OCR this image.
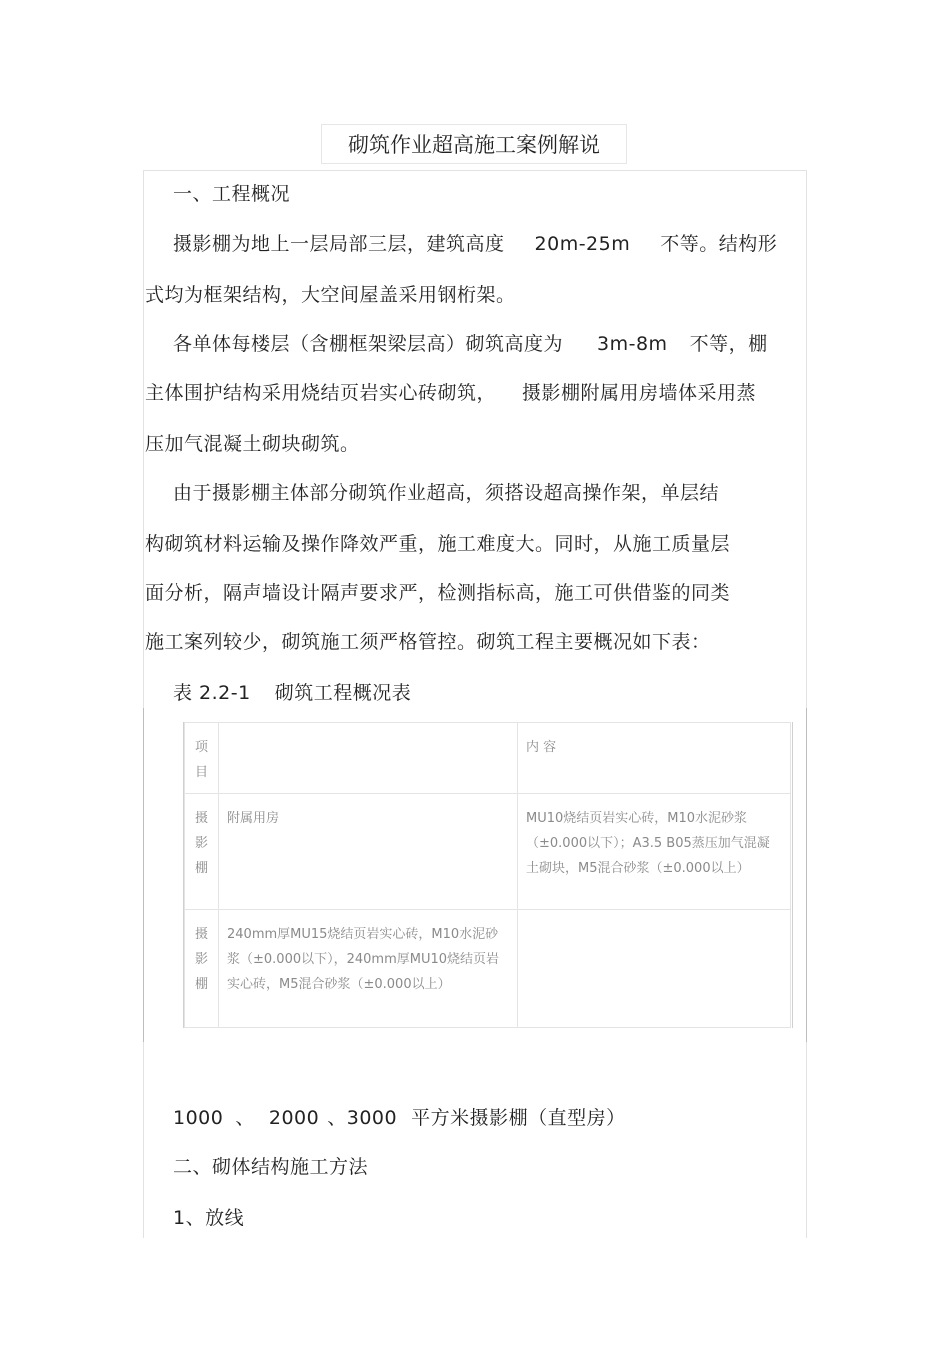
砌筑作业超高施工案例解说
一、工程概况
摄影棚为地上一层局部三层，建筑高度 20m-25m 不等。结构形
式均为框架结构，大空间屋盖采用钢桁架。
各单体每楼层（含棚框架梁层高）砌筑高度为 3m-8m 不等，棚
主体围护结构采用烧结页岩实心砖砌筑， 摄影棚附属用房墙体采用蒸
压加气混凝土砌块砌筑。
由于摄影棚主体部分砌筑作业超高，须搭设超高操作架，单层结
构砌筑材料运输及操作降效严重，施工难度大。同时，从施工质量层
面分析，隔声墙设计隔声要求严，检测指标高，施工可供借鉴的同类
施工案列较少，砌筑施工须严格管控。砌筑工程主要概况如下表：
表 2.2-1 砌筑工程概况表
项目		内 容
摄影棚	附属用房	MU10烧结页岩实心砖，M10水泥砂浆（±0.000以下）；A3.5 B05蒸压加气混凝土砌块，M5混合砂浆（±0.000以上）
摄影棚	240mm厚MU15烧结页岩实心砖，M10水泥砂浆（±0.000以下），240mm厚MU10烧结页岩实心砖，M5混合砂浆（±0.000以上）	
1000 、 2000 、3000 平方米摄影棚（直型房）
二、砌体结构施工方法
1、放线
